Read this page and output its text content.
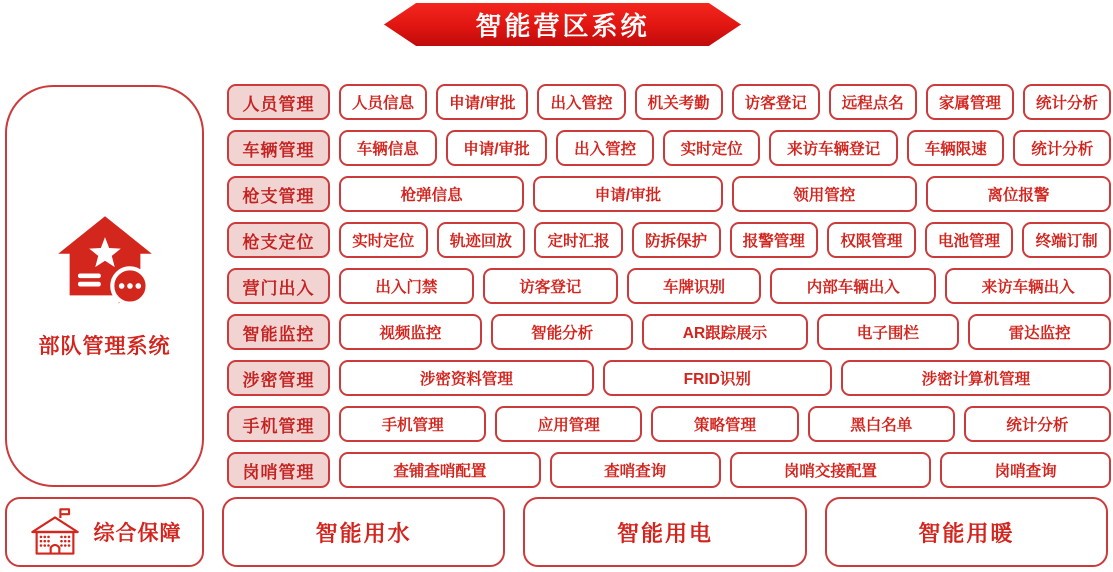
智能营区系统
部队管理系统
人员管理	人员信息	申请/审批	出入管控	机关考勤	访客登记	远程点名	家属管理	统计分析
车辆管理	车辆信息	申请/审批	出入管控	实时定位	来访车辆登记	车辆限速	统计分析
枪支管理	枪弹信息	申请/审批	领用管控	离位报警
枪支定位	实时定位	轨迹回放	定时汇报	防拆保护	报警管理	权限管理	电池管理	终端订制
营门出入	出入门禁	访客登记	车牌识别	内部车辆出入	来访车辆出入
智能监控	视频监控	智能分析	AR跟踪展示	电子围栏	雷达监控
涉密管理	涉密资料管理	FRID识别	涉密计算机管理
手机管理	手机管理	应用管理	策略管理	黑白名单	统计分析
岗哨管理	查铺查哨配置	查哨查询	岗哨交接配置	岗哨查询
综合保障	智能用水	智能用电	智能用暖
